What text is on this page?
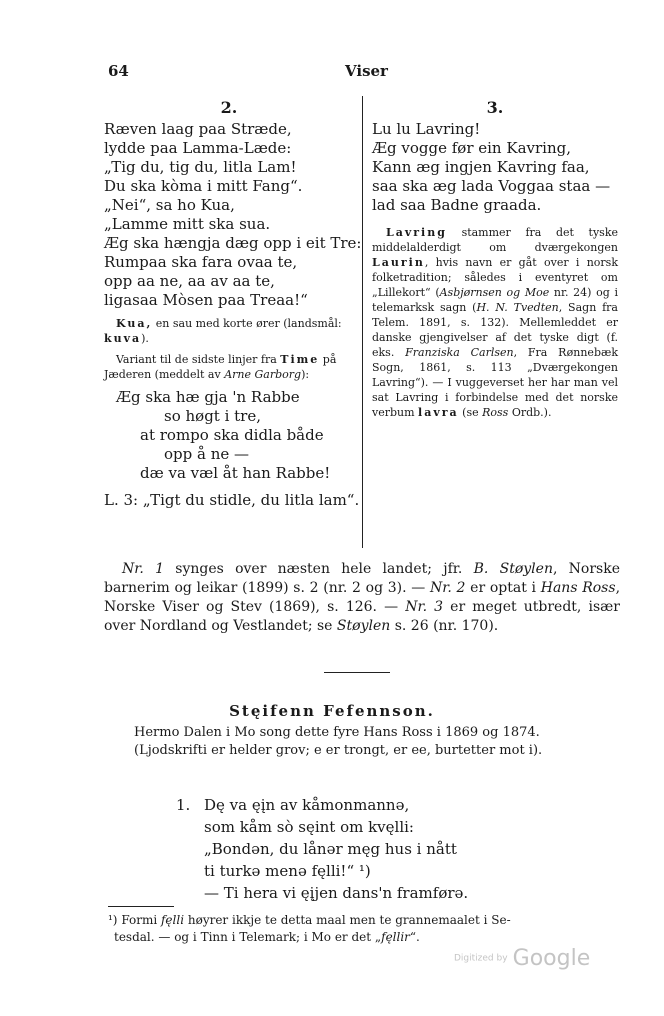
64	Viser
2.
Ræven laag paa Stræde,
lydde paa Lamma-Læde:
„Tig du, tig du, litla Lam!
Du ska kòma i mitt Fang“.
„Nei“, sa ho Kua,
„Lamme mitt ska sua.
Æg ska hængja dæg opp i eit Tre:
Rumpaa ska fara ovaa te,
opp aa ne, aa av aa te,
ligasaa Mòsen paa Treaa!“
Kua, en sau med korte ører (landsmål: kuva).
Variant til de sidste linjer fra Time på Jæderen (meddelt av Arne Garborg):
Æg ska hæ gja 'n Rabbe
so høgt i tre,
at rompo ska didla både
opp å ne —
dæ va væl åt han Rabbe!
L. 3: „Tigt du stidle, du litla lam“.
3.
Lu lu Lavring!
Æg vogge før ein Kavring,
Kann æg ingjen Kavring faa,
saa ska æg lada Voggaa staa —
lad saa Badne graada.

Lavring stammer fra det tyske middelalderdigt om dværgekongen Laurin, hvis navn er gåt over i norsk folketradition; således i eventyret om „Lillekort“ (Asbjørnsen og Moe nr. 24) og i telemarksk sagn (H. N. Tvedten, Sagn fra Telem. 1891, s. 132). Mellemleddet er danske gjengivelser af det tyske digt (f. eks. Franziska Carlsen, Fra Rønnebæk Sogn, 1861, s. 113 „Dværgekongen Lavring“). — I vuggeverset her har man vel sat Lavring i forbindelse med det norske verbum lavra (se Ross Ordb.).

Nr. 1 synges over næsten hele landet; jfr. B. Støylen, Norske barnerim og leikar (1899) s. 2 (nr. 2 og 3). — Nr. 2 er optat i Hans Ross, Norske Viser og Stev (1869), s. 126. — Nr. 3 er meget utbredt, især over Nordland og Vestlandet; se Støylen s. 26 (nr. 170).
Stęifenn Fefennson.
Hermo Dalen i Mo song dette fyre Hans Ross i 1869 og 1874.
(Ljodskrifti er helder grov; e er trongt, er ee, burtetter mot i).
1. Dę va ęįn av kåmonmannə,
som kåm sò sęint om kvęlli:
„Bondən, du lånər męg hus i nått
ti turkə menə fęlli!“ ¹)
— Ti hera vi ęįjen dans'n framførə.
¹) Formi fęlli høyrer ikkje te detta maal men te grannemaalet i Se-
tesdal. — og i Tinn i Telemark; i Mo er det „fęllir“.
Digitized by Google
